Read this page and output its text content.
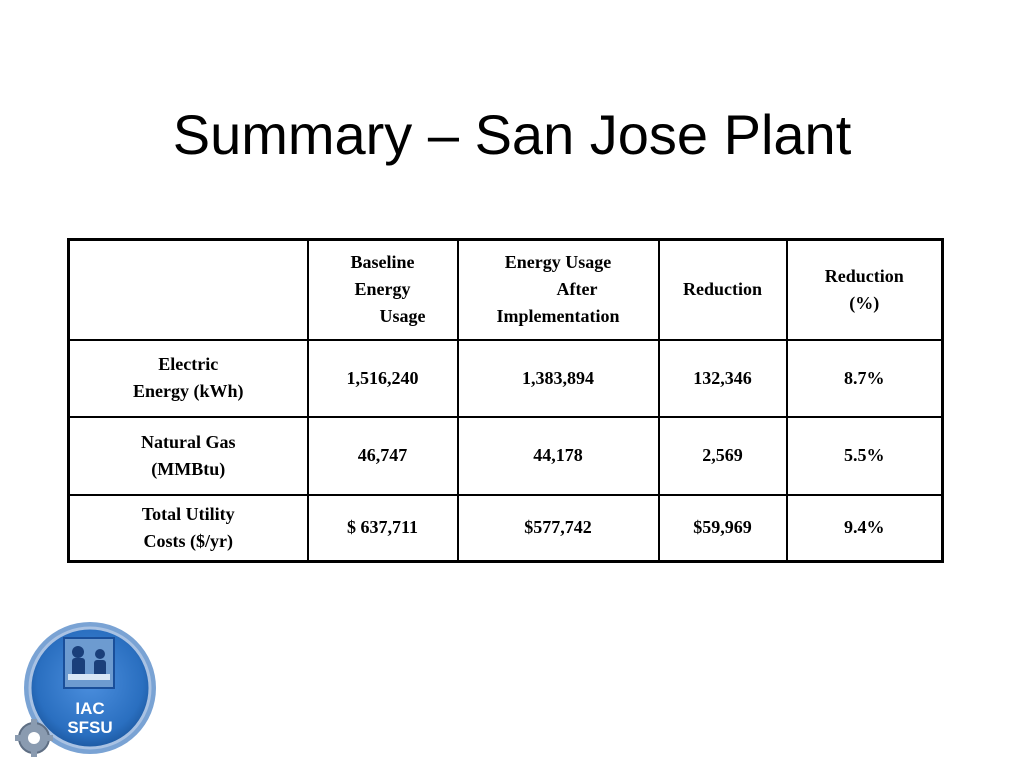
Summary – San Jose Plant

	Baseline
Energy
Usage	Energy Usage
After
Implementation	Reduction	Reduction
(%)

Electric
Energy (kWh)	1,516,240	1,383,894	132,346	8.7%

Natural Gas
(MMBtu)	46,747	44,178	2,569	5.5%

Total Utility
Costs ($/yr)	$ 637,711	$577,742	$59,969	9.4%
IAC
SFSU
